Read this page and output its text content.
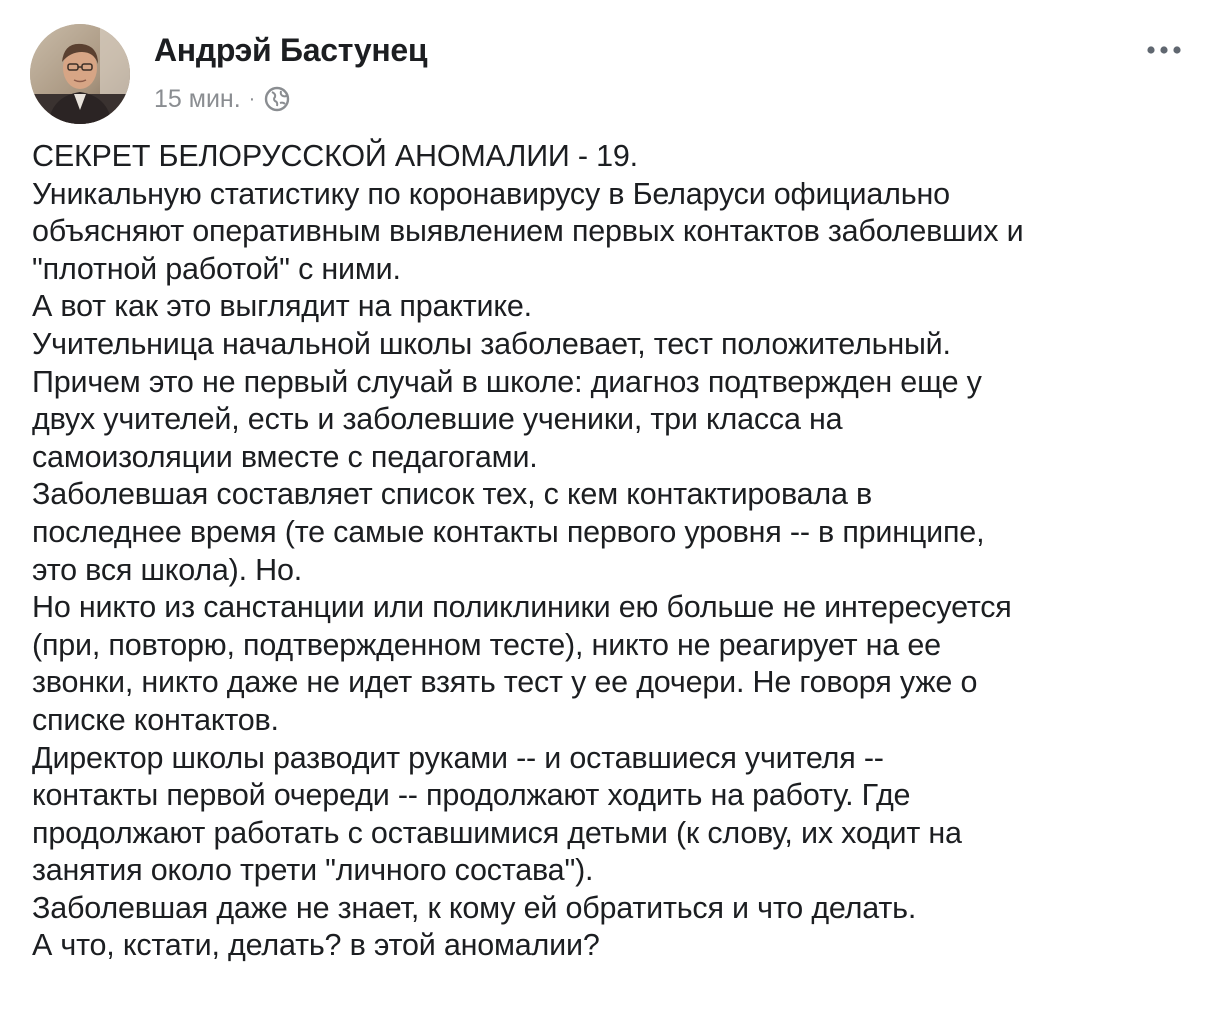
Андрэй Бастунец
15 мин. ·
СЕКРЕТ БЕЛОРУССКОЙ АНОМАЛИИ - 19.
Уникальную статистику по коронавирусу в Беларуси официально
объясняют оперативным выявлением первых контактов заболевших и
"плотной работой" с ними.
А вот как это выглядит на практике.
Учительница начальной школы заболевает, тест положительный.
Причем это не первый случай в школе: диагноз подтвержден еще у
двух учителей, есть и заболевшие ученики, три класса на
самоизоляции вместе с педагогами.
Заболевшая составляет список тех, с кем контактировала в
последнее время (те самые контакты первого уровня -- в принципе,
это вся школа). Но.
Но никто из санстанции или поликлиники ею больше не интересуется
(при, повторю, подтвержденном тесте), никто не реагирует на ее
звонки, никто даже не идет взять тест у ее дочери. Не говоря уже о
списке контактов.
Директор школы разводит руками -- и оставшиеся учителя --
контакты первой очереди -- продолжают ходить на работу. Где
продолжают работать с оставшимися детьми (к слову, их ходит на
занятия около трети "личного состава").
Заболевшая даже не знает, к кому ей обратиться и что делать.
А что, кстати, делать? в этой аномалии?
